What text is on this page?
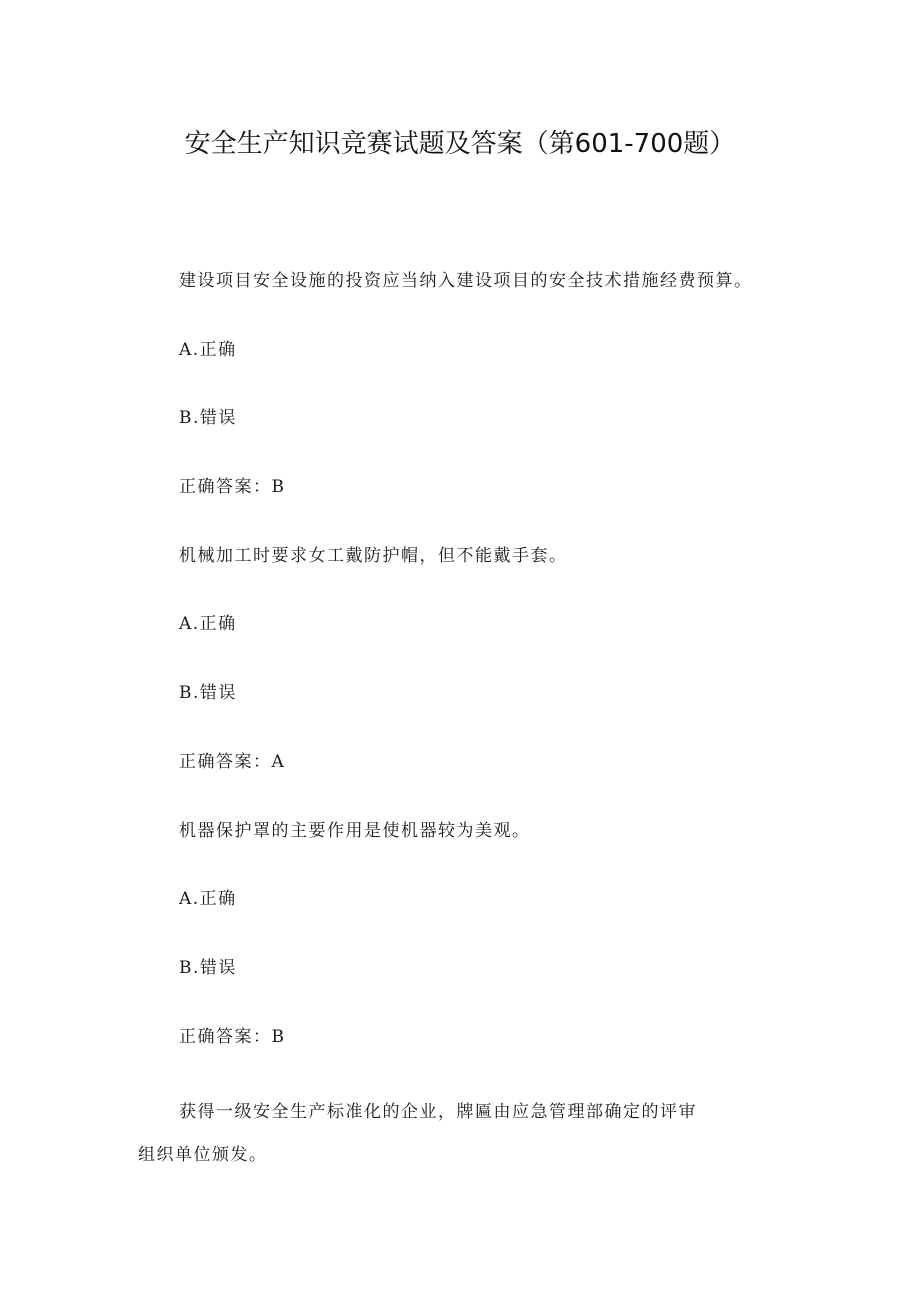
安全生产知识竞赛试题及答案（第601-700题）
建设项目安全设施的投资应当纳入建设项目的安全技术措施经费预算。
A.正确
B.错误
正确答案：B
机械加工时要求女工戴防护帽，但不能戴手套。
A.正确
B.错误
正确答案：A
机器保护罩的主要作用是使机器较为美观。
A.正确
B.错误
正确答案：B
获得一级安全生产标准化的企业，牌匾由应急管理部确定的评审
组织单位颁发。
